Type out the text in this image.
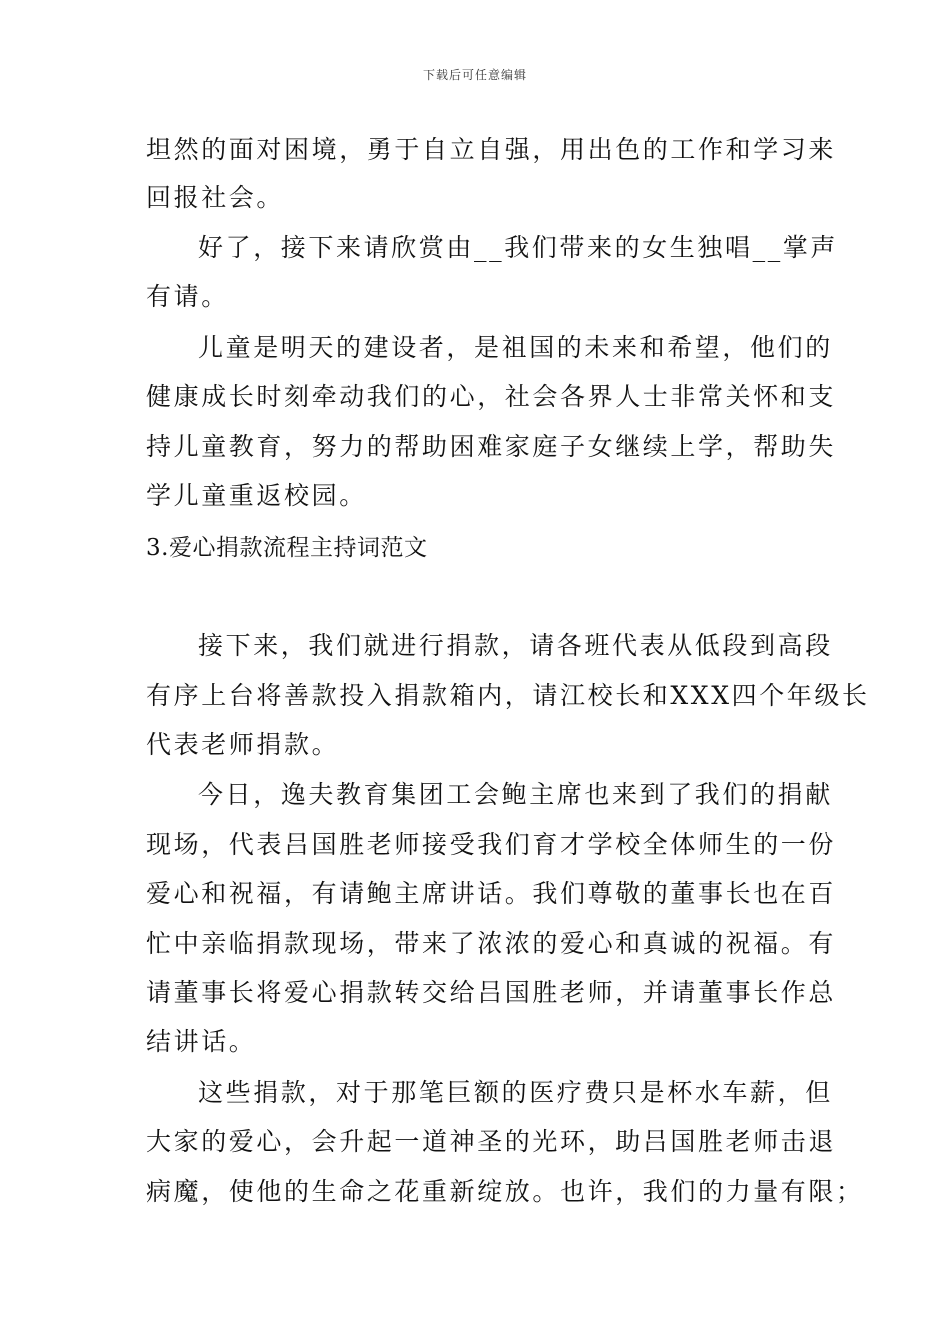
下载后可任意编辑
坦然的面对困境，勇于自立自强，用出色的工作和学习来
回报社会。
好了，接下来请欣赏由__我们带来的女生独唱__掌声
有请。
儿童是明天的建设者，是祖国的未来和希望，他们的
健康成长时刻牵动我们的心，社会各界人士非常关怀和支
持儿童教育，努力的帮助困难家庭子女继续上学，帮助失
学儿童重返校园。
3.爱心捐款流程主持词范文
接下来，我们就进行捐款，请各班代表从低段到高段
有序上台将善款投入捐款箱内，请江校长和XXX四个年级长
代表老师捐款。
今日，逸夫教育集团工会鲍主席也来到了我们的捐献
现场，代表吕国胜老师接受我们育才学校全体师生的一份
爱心和祝福，有请鲍主席讲话。我们尊敬的董事长也在百
忙中亲临捐款现场，带来了浓浓的爱心和真诚的祝福。有
请董事长将爱心捐款转交给吕国胜老师，并请董事长作总
结讲话。
这些捐款，对于那笔巨额的医疗费只是杯水车薪，但
大家的爱心，会升起一道神圣的光环，助吕国胜老师击退
病魔，使他的生命之花重新绽放。也许，我们的力量有限；
